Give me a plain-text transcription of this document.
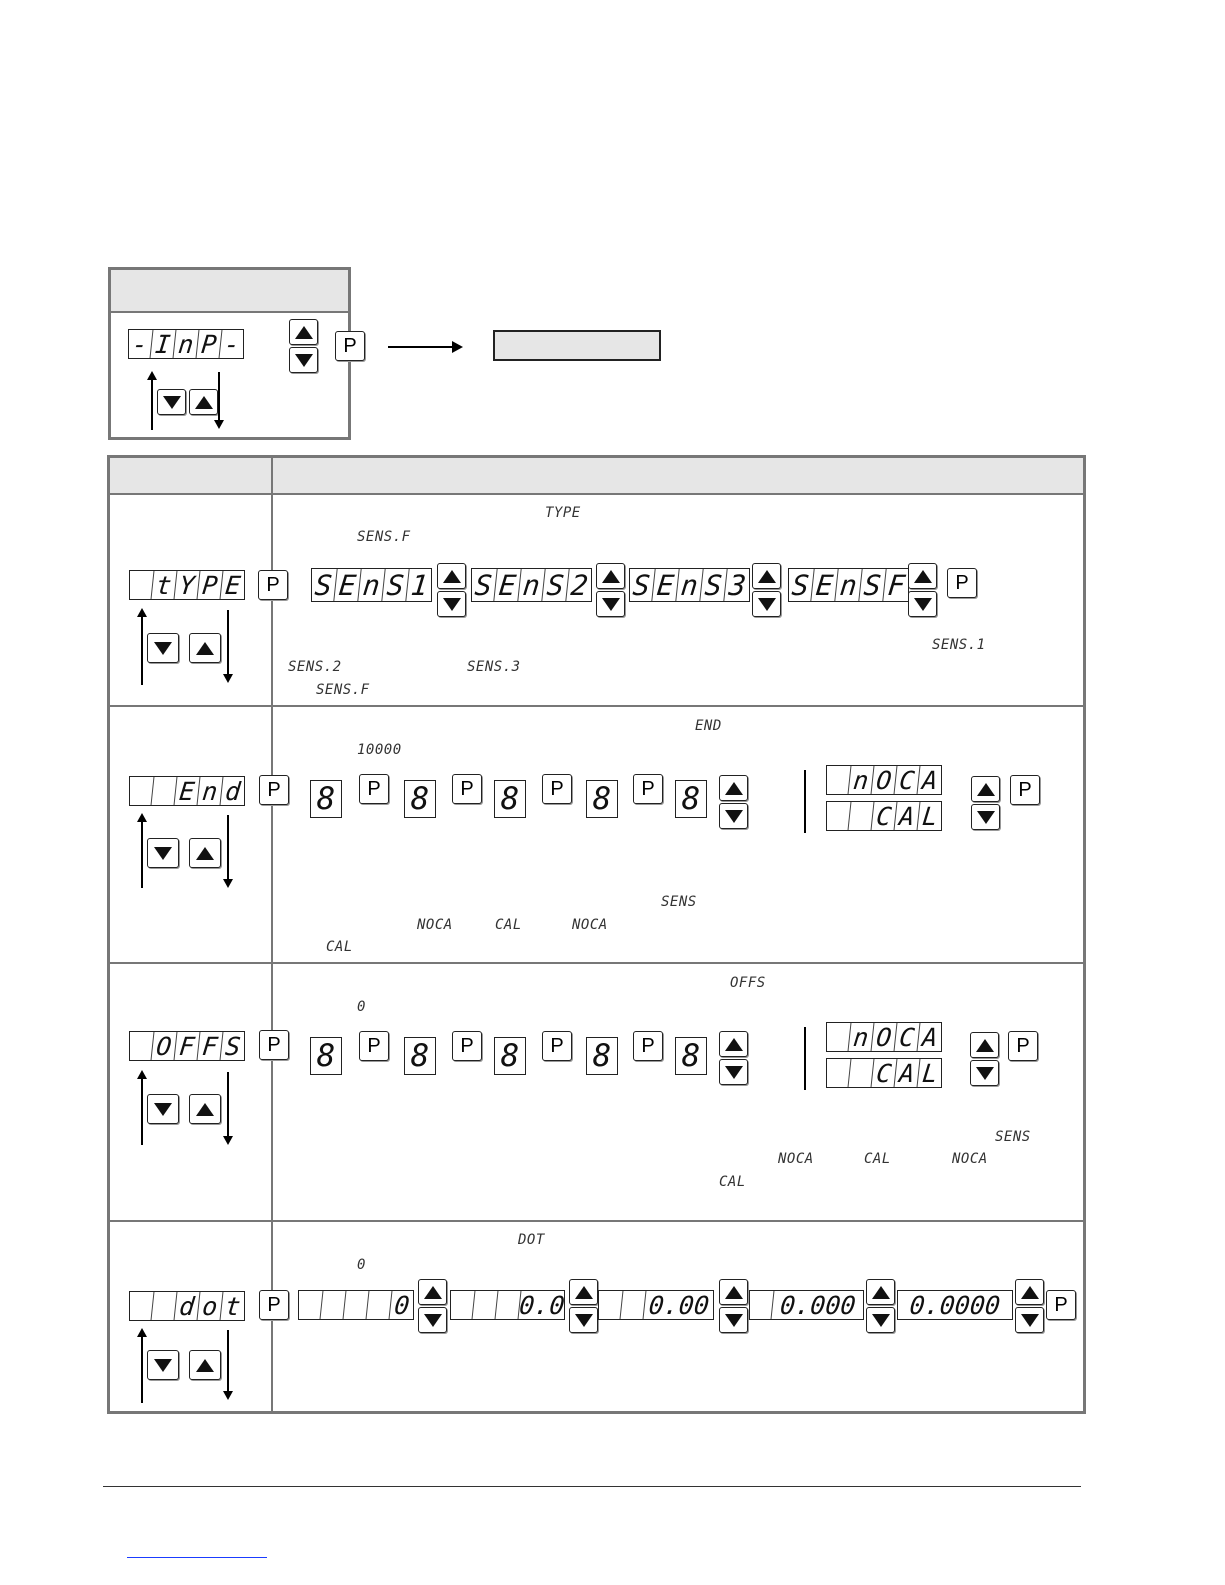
- I n P -	P
TYPE
SENS.F
t Y P E	P S E n S 1 S E n S 2 S E n S 3 S E n S F	P
SENS.1
SENS.2	SENS.3
SENS.F
END
10000
E n d	P 8	P 8	P 8	P 8	P 8
n O C A
C A L
P
SENS
NOCA	CAL	NOCA
CAL
OFFS
0
O F F S	P 8	P 8	P 8	P 8	P 8
n O C A
C A L
P
SENS
NOCA	CAL	NOCA
CAL
DOT
0
d o t	P	0	0.0	0.00	0.000	0.0000	P
